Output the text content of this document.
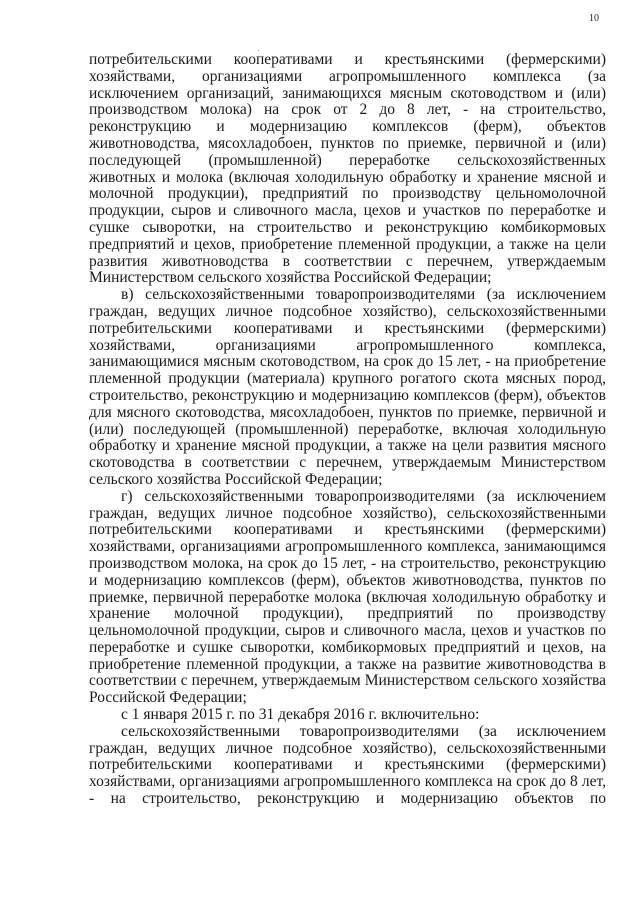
10

потребительскими кооперативами и крестьянскими (фермерскими) хозяйствами, организациями агропромышленного комплекса (за исключением организаций, занимающихся мясным скотоводством и (или) производством молока) на срок от 2 до 8 лет, - на строительство, реконструкцию и модернизацию комплексов (ферм), объектов животноводства, мясохладобоен, пунктов по приемке, первичной и (или) последующей (промышленной) переработке сельскохозяйственных животных и молока (включая холодильную обработку и хранение мясной и молочной продукции), предприятий по производству цельномолочной продукции, сыров и сливочного масла, цехов и участков по переработке и сушке сыворотки, на строительство и реконструкцию комбикормовых предприятий и цехов, приобретение племенной продукции, а также на цели развития животноводства в соответствии с перечнем, утверждаемым Министерством сельского хозяйства Российской Федерации;

в) сельскохозяйственными товаропроизводителями (за исключением граждан, ведущих личное подсобное хозяйство), сельскохозяйственными потребительскими кооперативами и крестьянскими (фермерскими) хозяйствами, организациями агропромышленного комплекса, занимающимися мясным скотоводством, на срок до 15 лет, - на приобретение племенной продукции (материала) крупного рогатого скота мясных пород, строительство, реконструкцию и модернизацию комплексов (ферм), объектов для мясного скотоводства, мясохладобоен, пунктов по приемке, первичной и (или) последующей (промышленной) переработке, включая холодильную обработку и хранение мясной продукции, а также на цели развития мясного скотоводства в соответствии с перечнем, утверждаемым Министерством сельского хозяйства Российской Федерации;

г) сельскохозяйственными товаропроизводителями (за исключением граждан, ведущих личное подсобное хозяйство), сельскохозяйственными потребительскими кооперативами и крестьянскими (фермерскими) хозяйствами, организациями агропромышленного комплекса, занимающимся производством молока, на срок до 15 лет, - на строительство, реконструкцию и модернизацию комплексов (ферм), объектов животноводства, пунктов по приемке, первичной переработке молока (включая холодильную обработку и хранение молочной продукции), предприятий по производству цельномолочной продукции, сыров и сливочного масла, цехов и участков по переработке и сушке сыворотки, комбикормовых предприятий и цехов, на приобретение племенной продукции, а также на развитие животноводства в соответствии с перечнем, утверждаемым Министерством сельского хозяйства Российской Федерации;

с 1 января 2015 г. по 31 декабря 2016 г. включительно:

сельскохозяйственными товаропроизводителями (за исключением граждан, ведущих личное подсобное хозяйство), сельскохозяйственными потребительскими кооперативами и крестьянскими (фермерскими) хозяйствами, организациями агропромышленного комплекса на срок до 8 лет, - на строительство, реконструкцию и модернизацию объектов по
